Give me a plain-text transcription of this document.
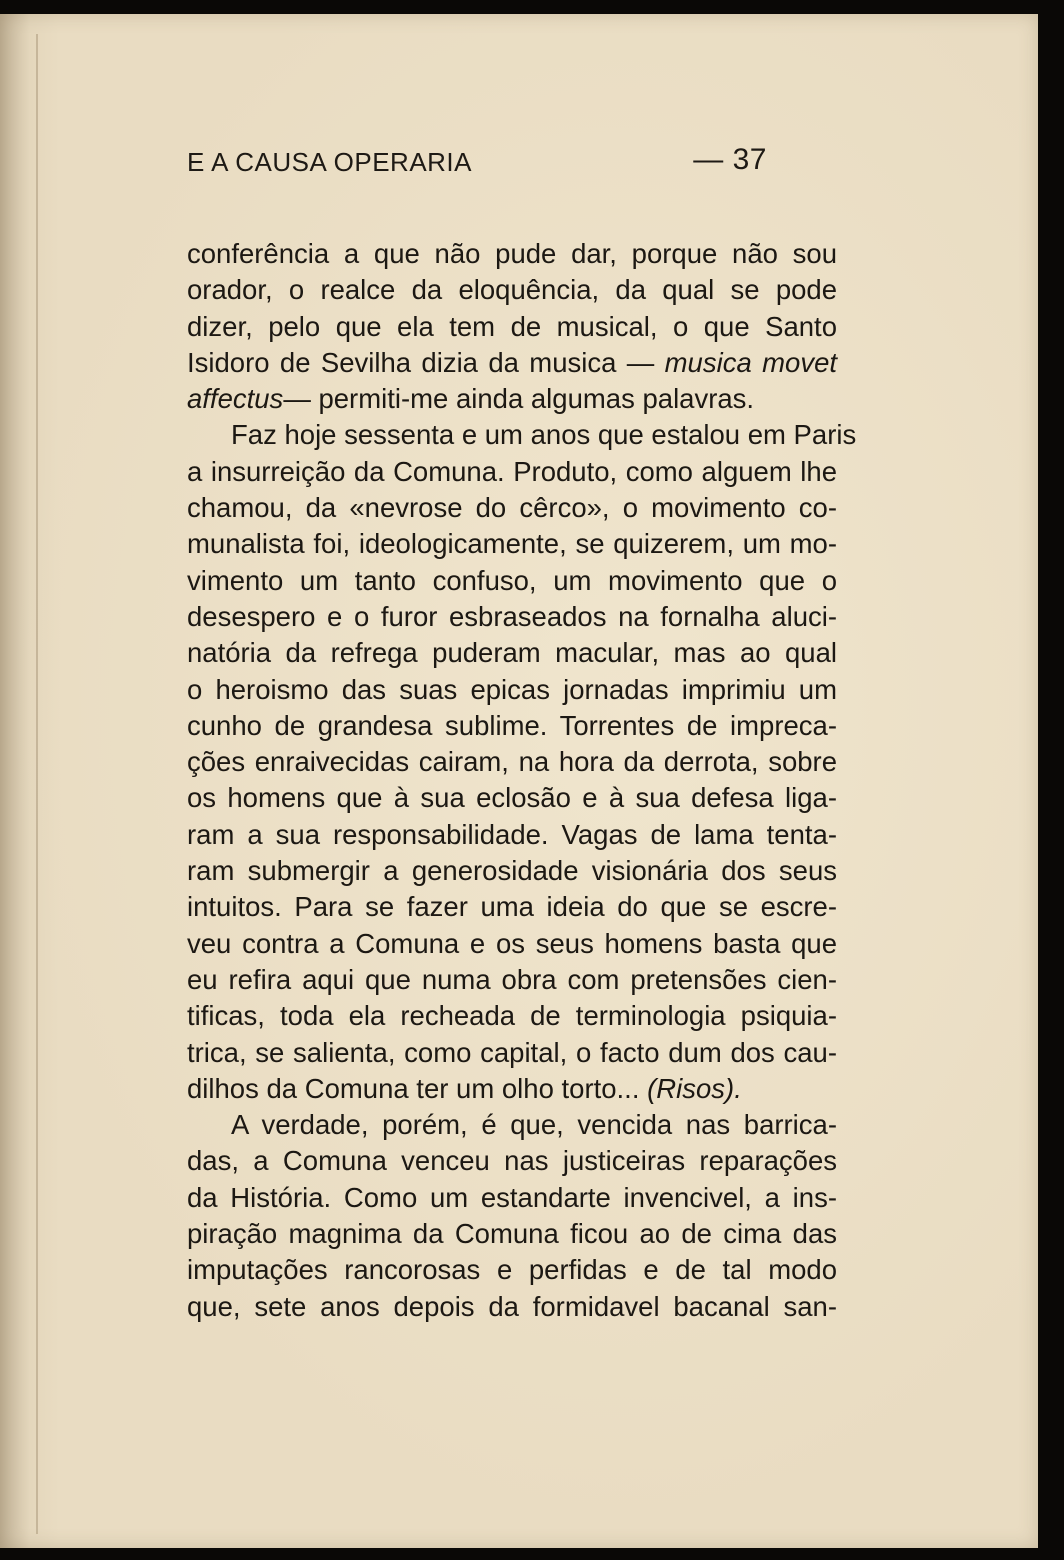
E A CAUSA OPERARIA	— 37
conferência a que não pude dar, porque não sou
orador, o realce da eloquência, da qual se pode
dizer, pelo que ela tem de musical, o que Santo
Isidoro de Sevilha dizia da musica — musica movet
affectus— permiti-me ainda algumas palavras.
Faz hoje sessenta e um anos que estalou em Paris
a insurreição da Comuna. Produto, como alguem lhe
chamou, da «nevrose do cêrco», o movimento co-
munalista foi, ideologicamente, se quizerem, um mo-
vimento um tanto confuso, um movimento que o
desespero e o furor esbraseados na fornalha aluci-
natória da refrega puderam macular, mas ao qual
o heroismo das suas epicas jornadas imprimiu um
cunho de grandesa sublime. Torrentes de impreca-
ções enraivecidas cairam, na hora da derrota, sobre
os homens que à sua eclosão e à sua defesa liga-
ram a sua responsabilidade. Vagas de lama tenta-
ram submergir a generosidade visionária dos seus
intuitos. Para se fazer uma ideia do que se escre-
veu contra a Comuna e os seus homens basta que
eu refira aqui que numa obra com pretensões cien-
tificas, toda ela recheada de terminologia psiquia-
trica, se salienta, como capital, o facto dum dos cau-
dilhos da Comuna ter um olho torto... (Risos).
A verdade, porém, é que, vencida nas barrica-
das, a Comuna venceu nas justiceiras reparações
da História. Como um estandarte invencivel, a ins-
piração magnima da Comuna ficou ao de cima das
imputações rancorosas e perfidas e de tal modo
que, sete anos depois da formidavel bacanal san-
